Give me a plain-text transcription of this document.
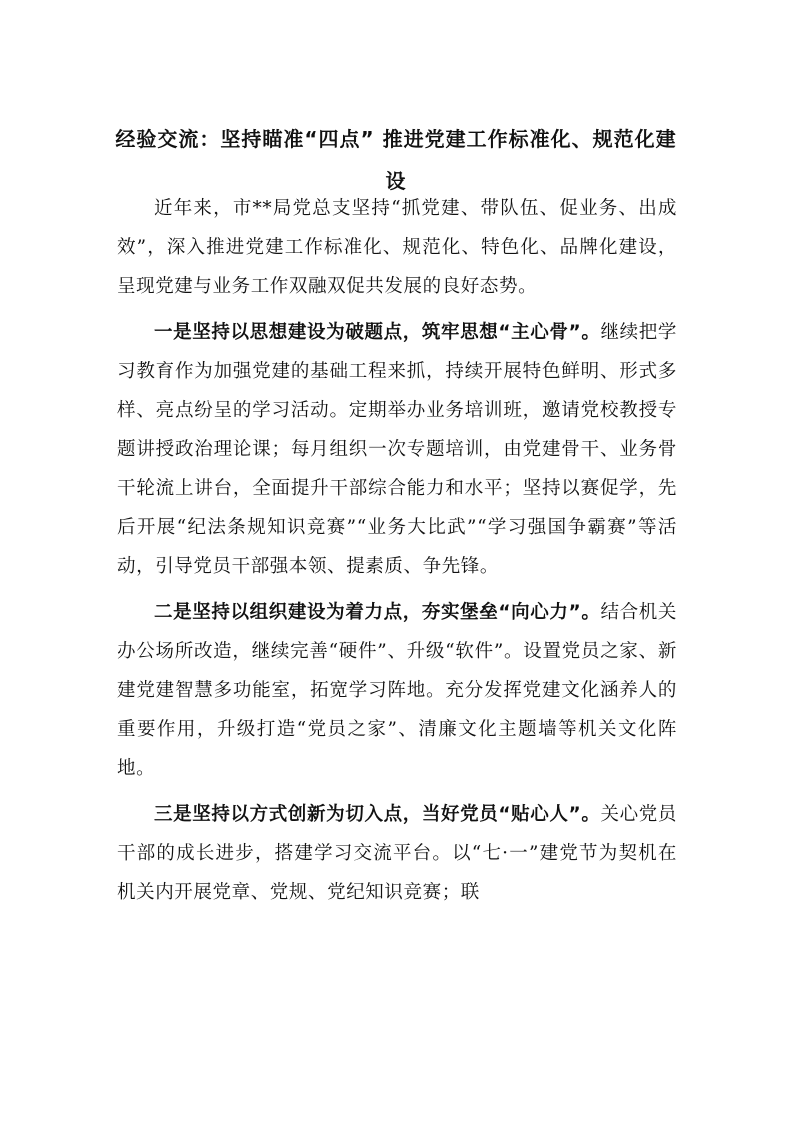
经验交流：坚持瞄准“四点” 推进党建工作标准化、规范化建设

近年来，市**局党总支坚持“抓党建、带队伍、促业务、出成效”，深入推进党建工作标准化、规范化、特色化、品牌化建设，呈现党建与业务工作双融双促共发展的良好态势。

一是坚持以思想建设为破题点，筑牢思想“主心骨”。继续把学习教育作为加强党建的基础工程来抓，持续开展特色鲜明、形式多样、亮点纷呈的学习活动。定期举办业务培训班，邀请党校教授专题讲授政治理论课；每月组织一次专题培训，由党建骨干、业务骨干轮流上讲台，全面提升干部综合能力和水平；坚持以赛促学，先后开展“纪法条规知识竞赛”“业务大比武”“学习强国争霸赛”等活动，引导党员干部强本领、提素质、争先锋。

二是坚持以组织建设为着力点，夯实堡垒“向心力”。结合机关办公场所改造，继续完善“硬件”、升级“软件”。设置党员之家、新建党建智慧多功能室，拓宽学习阵地。充分发挥党建文化涵养人的重要作用，升级打造“党员之家”、清廉文化主题墙等机关文化阵地。

三是坚持以方式创新为切入点，当好党员“贴心人”。关心党员干部的成长进步，搭建学习交流平台。以“七·一”建党节为契机在机关内开展党章、党规、党纪知识竞赛；联
